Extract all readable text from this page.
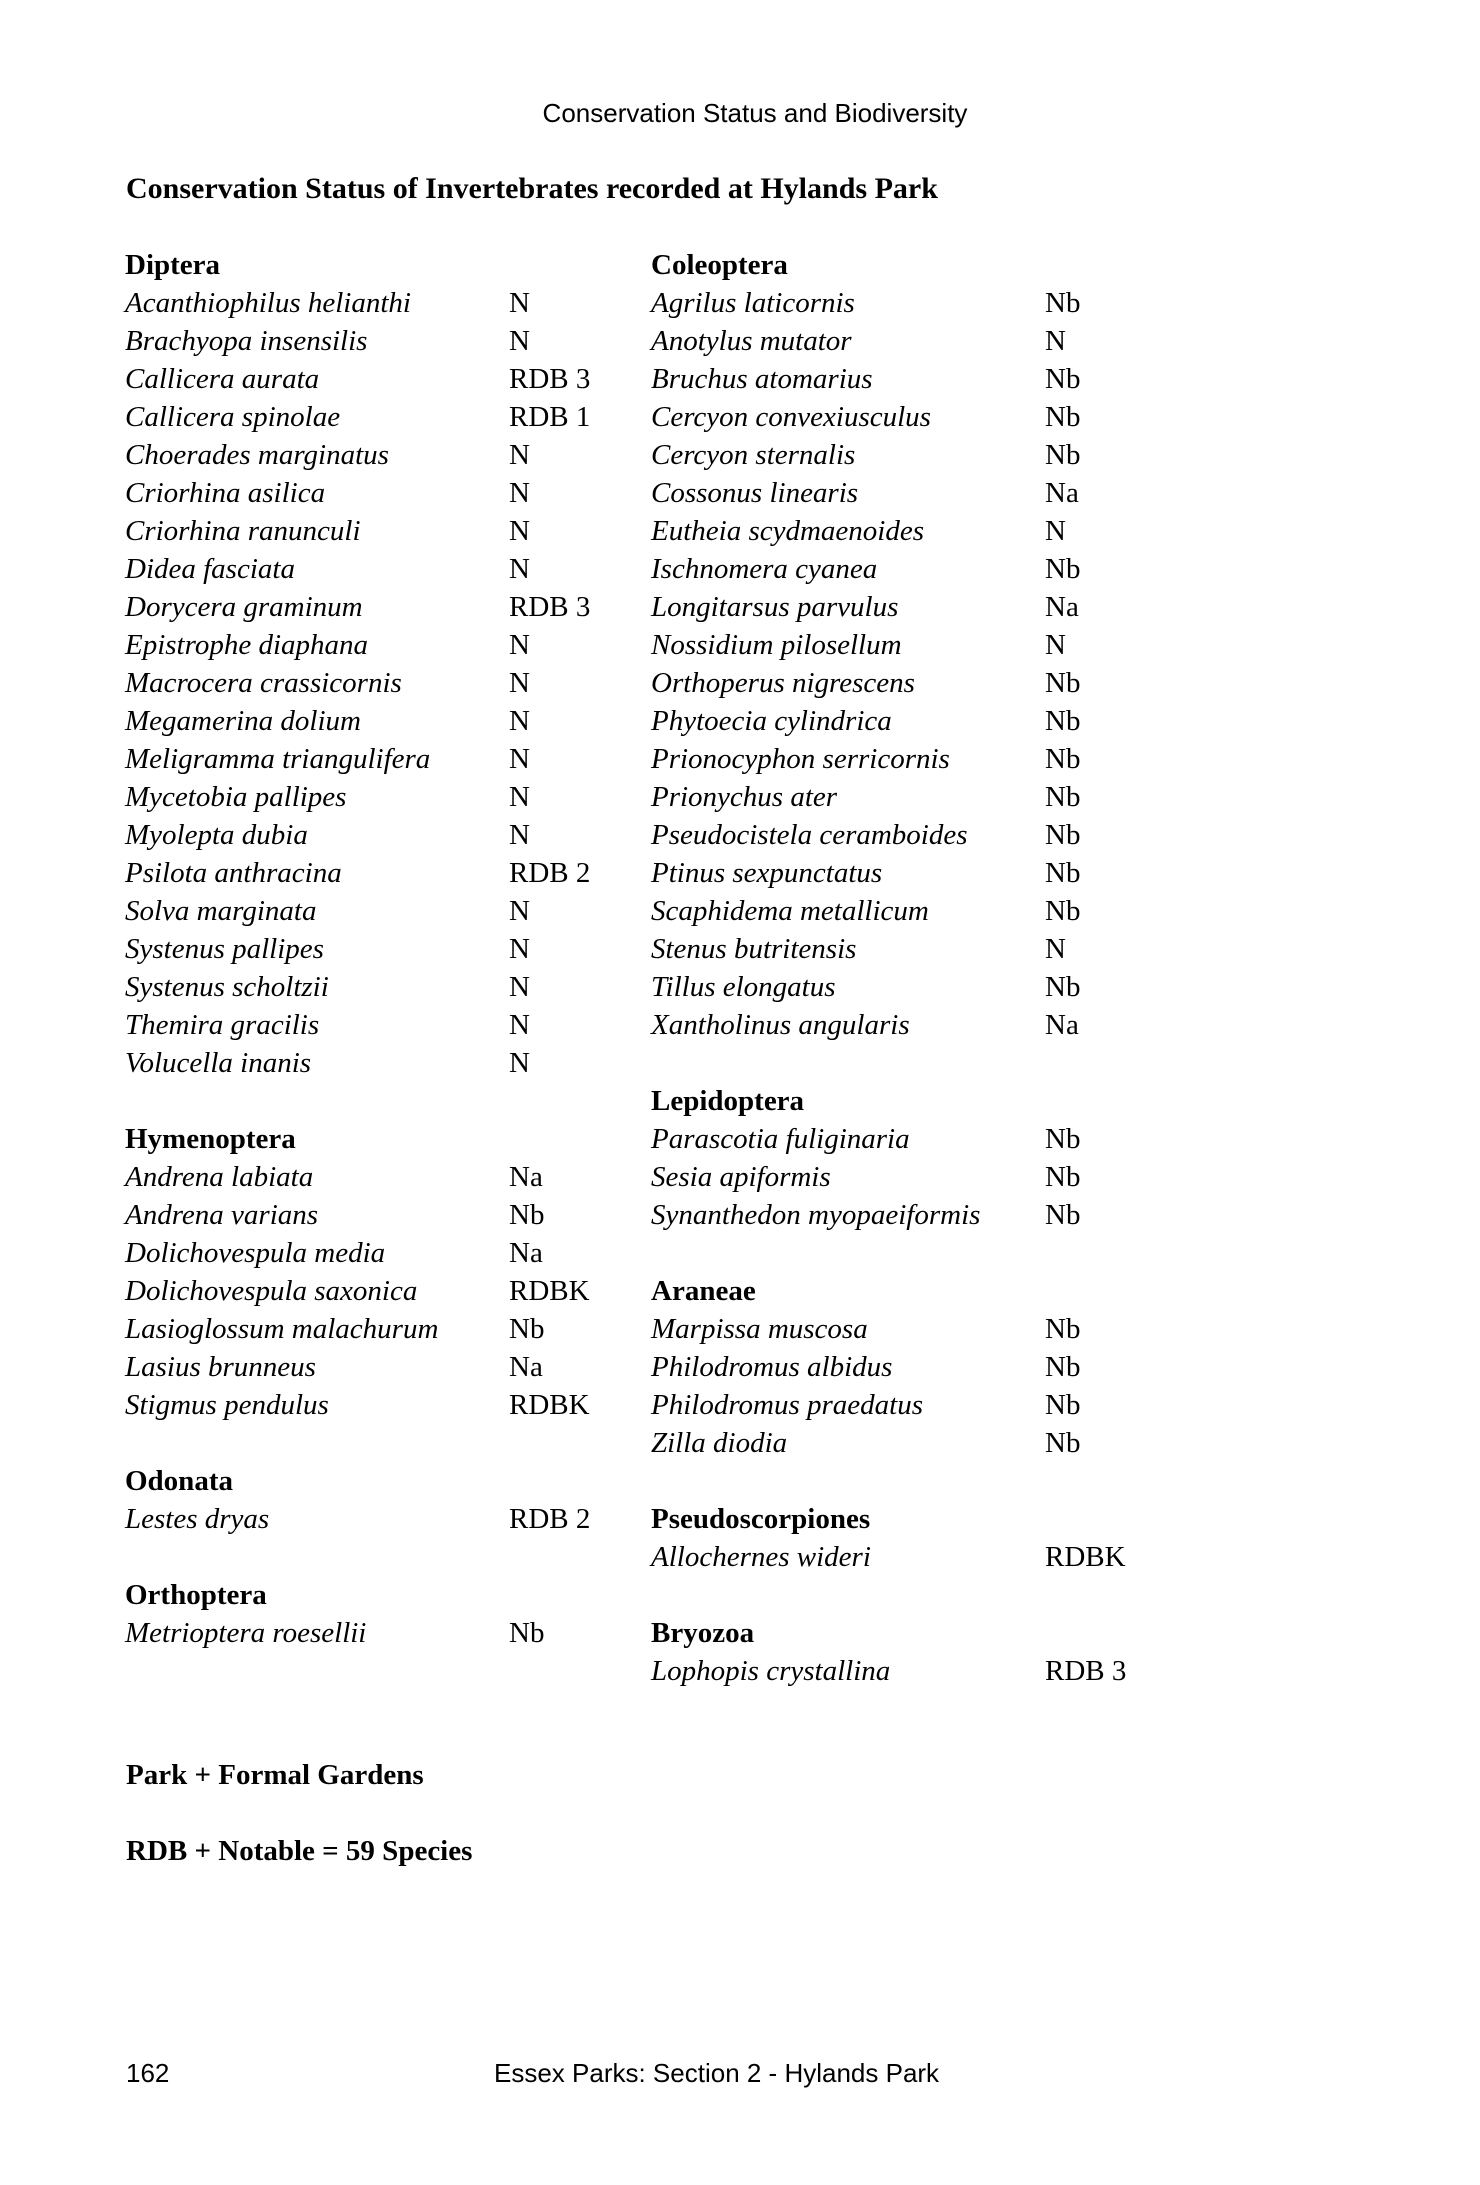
Conservation Status and Biodiversity
Conservation Status of Invertebrates recorded at Hylands Park
Diptera
Acanthiophilus helianthi	N
Brachyopa insensilis	N
Callicera aurata	RDB 3
Callicera spinolae	RDB 1
Choerades marginatus	N
Criorhina asilica	N
Criorhina ranunculi	N
Didea fasciata	N
Dorycera graminum	RDB 3
Epistrophe diaphana	N
Macrocera crassicornis	N
Megamerina dolium	N
Meligramma triangulifera	N
Mycetobia pallipes	N
Myolepta dubia	N
Psilota anthracina	RDB 2
Solva marginata	N
Systenus pallipes	N
Systenus scholtzii	N
Themira gracilis	N
Volucella inanis	N
Hymenoptera
Andrena labiata	Na
Andrena varians	Nb
Dolichovespula media	Na
Dolichovespula saxonica	RDBK
Lasioglossum malachurum	Nb
Lasius brunneus	Na
Stigmus pendulus	RDBK
Odonata
Lestes dryas	RDB 2
Orthoptera
Metrioptera roesellii	Nb
Coleoptera
Agrilus laticornis	Nb
Anotylus mutator	N
Bruchus atomarius	Nb
Cercyon convexiusculus	Nb
Cercyon sternalis	Nb
Cossonus linearis	Na
Eutheia scydmaenoides	N
Ischnomera cyanea	Nb
Longitarsus parvulus	Na
Nossidium pilosellum	N
Orthoperus nigrescens	Nb
Phytoecia cylindrica	Nb
Prionocyphon serricornis	Nb
Prionychus ater	Nb
Pseudocistela ceramboides	Nb
Ptinus sexpunctatus	Nb
Scaphidema metallicum	Nb
Stenus butritensis	N
Tillus elongatus	Nb
Xantholinus angularis	Na
Lepidoptera
Parascotia fuliginaria	Nb
Sesia apiformis	Nb
Synanthedon myopaeiformis	Nb
Araneae
Marpissa muscosa	Nb
Philodromus albidus	Nb
Philodromus praedatus	Nb
Zilla diodia	Nb
Pseudoscorpiones
Allochernes wideri	RDBK
Bryozoa
Lophopis crystallina	RDB 3
Park + Formal Gardens
RDB + Notable = 59 Species
162	Essex Parks: Section 2 - Hylands Park
